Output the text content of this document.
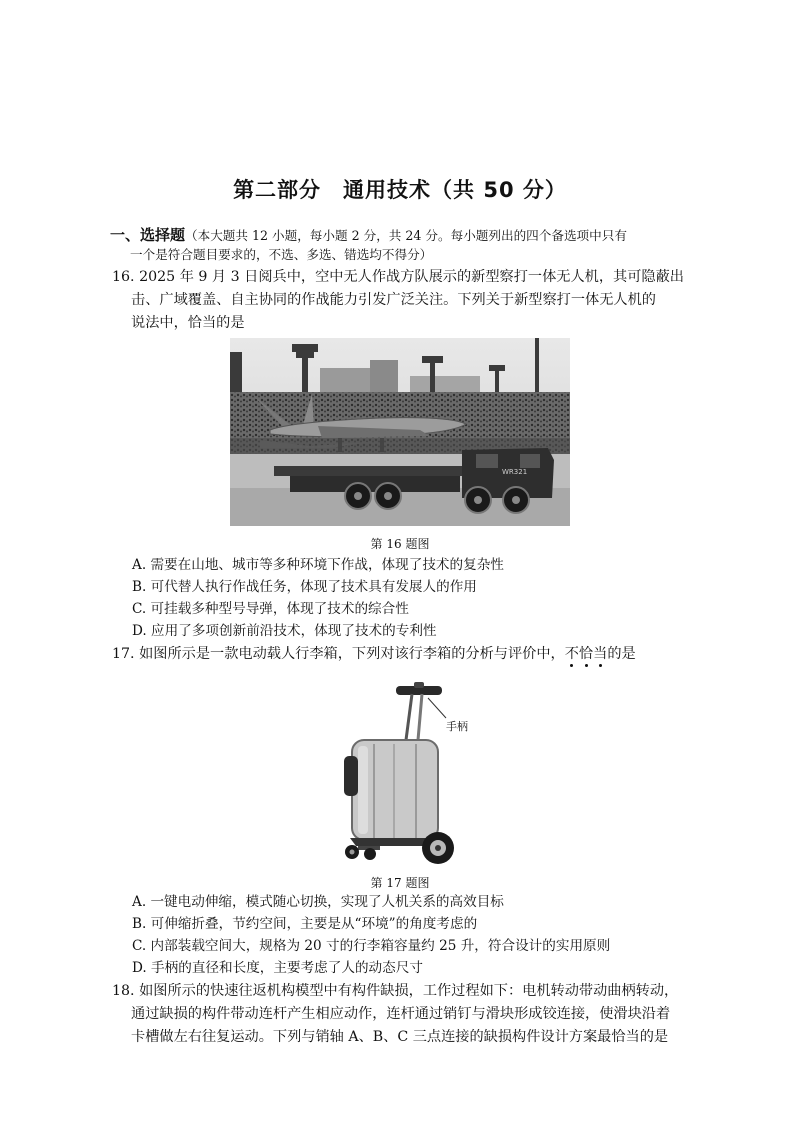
第二部分　通用技术（共 50 分）
一、选择题（本大题共 12 小题，每小题 2 分，共 24 分。每小题列出的四个备选项中只有
一个是符合题目要求的，不选、多选、错选均不得分）
16. 2025 年 9 月 3 日阅兵中，空中无人作战方队展示的新型察打一体无人机，其可隐蔽出
击、广域覆盖、自主协同的作战能力引发广泛关注。下列关于新型察打一体无人机的
说法中，恰当的是
WR321
第 16 题图
A. 需要在山地、城市等多种环境下作战，体现了技术的复杂性
B. 可代替人执行作战任务，体现了技术具有发展人的作用
C. 可挂载多种型号导弹，体现了技术的综合性
D. 应用了多项创新前沿技术，体现了技术的专利性
17. 如图所示是一款电动载人行李箱，下列对该行李箱的分析与评价中，不恰当的是
手柄
第 17 题图
A. 一键电动伸缩，模式随心切换，实现了人机关系的高效目标
B. 可伸缩折叠，节约空间，主要是从“环境”的角度考虑的
C. 内部装载空间大，规格为 20 寸的行李箱容量约 25 升，符合设计的实用原则
D. 手柄的直径和长度，主要考虑了人的动态尺寸
18. 如图所示的快速往返机构模型中有构件缺损，工作过程如下：电机转动带动曲柄转动，
通过缺损的构件带动连杆产生相应动作，连杆通过销钉与滑块形成铰连接，使滑块沿着
卡槽做左右往复运动。下列与销轴 A、B、C 三点连接的缺损构件设计方案最恰当的是
